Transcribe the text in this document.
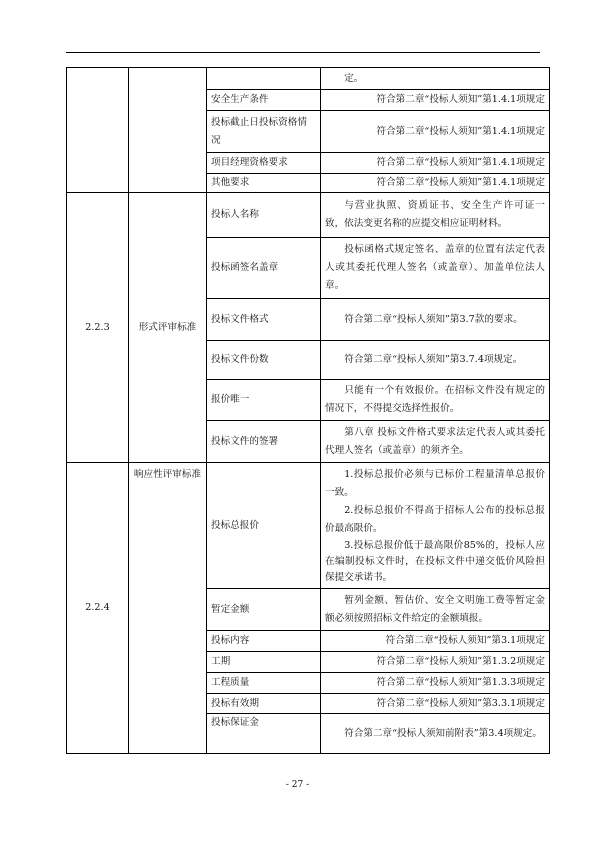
			定。

		安全生产条件	符合第二章“投标人须知”第1.4.1项规定

		投标截止日投标资格情况	符合第二章“投标人须知”第1.4.1项规定

		项目经理资格要求	符合第二章“投标人须知”第1.4.1项规定

		其他要求	符合第二章“投标人须知”第1.4.1项规定

2.2.3	形式评审标准	投标人名称	与营业执照、资质证书、安全生产许可证一致，依法变更名称的应提交相应证明材料。

		投标函签名盖章	投标函格式规定签名、盖章的位置有法定代表人或其委托代理人签名（或盖章）、加盖单位法人章。

		投标文件格式	符合第二章“投标人须知”第3.7款的要求。

		投标文件份数	符合第二章“投标人须知”第3.7.4项规定。

		报价唯一	只能有一个有效报价。在招标文件没有规定的情况下，不得提交选择性报价。

		投标文件的签署	第八章 投标文件格式要求法定代表人或其委托代理人签名（或盖章）的须齐全。

2.2.4	响应性评审标准	投标总报价	1.投标总报价必须与已标价工程量清单总报价一致。
2.投标总报价不得高于招标人公布的投标总报价最高限价。
3.投标总报价低于最高限价85%的，投标人应在编制投标文件时，在投标文件中递交低价风险担保提交承诺书。

		暂定金额	暂列金额、暂估价、安全文明施工费等暂定金额必须按照招标文件给定的金额填报。

		投标内容	符合第二章“投标人须知”第3.1项规定

		工期	符合第二章“投标人须知”第1.3.2项规定

		工程质量	符合第二章“投标人须知”第1.3.3项规定

		投标有效期	符合第二章“投标人须知”第3.3.1项规定

		投标保证金	符合第二章“投标人须知前附表”第3.4项规定。
- 27 -
